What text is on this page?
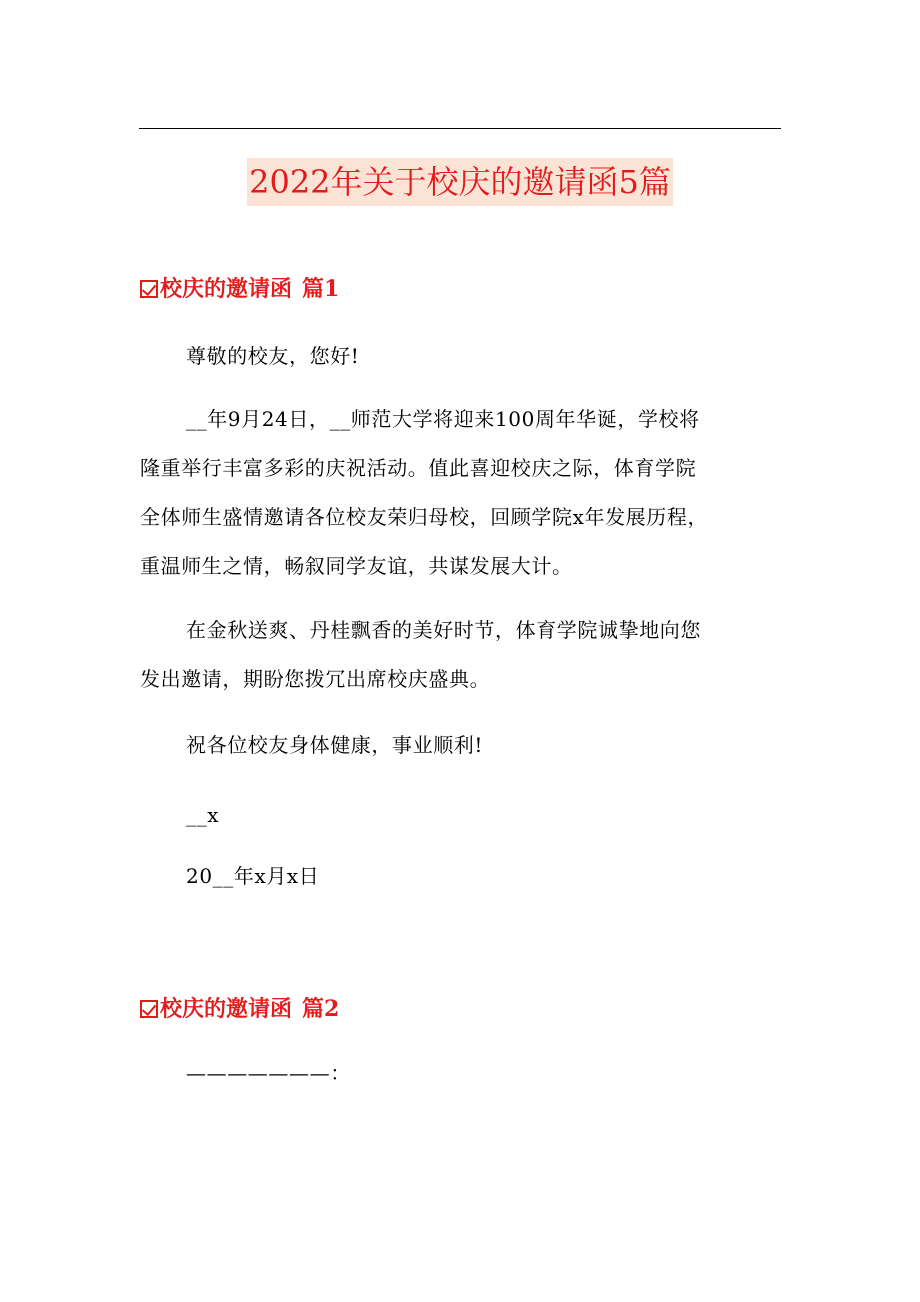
2022年关于校庆的邀请函5篇
校庆的邀请函 篇1
尊敬的校友，您好!
__年9月24日，__师范大学将迎来100周年华诞，学校将
隆重举行丰富多彩的庆祝活动。值此喜迎校庆之际，体育学院
全体师生盛情邀请各位校友荣归母校，回顾学院x年发展历程，
重温师生之情，畅叙同学友谊，共谋发展大计。
在金秋送爽、丹桂飘香的美好时节，体育学院诚挚地向您
发出邀请，期盼您拨冗出席校庆盛典。
祝各位校友身体健康，事业顺利!
__x
20__年x月x日
校庆的邀请函 篇2
———————：
